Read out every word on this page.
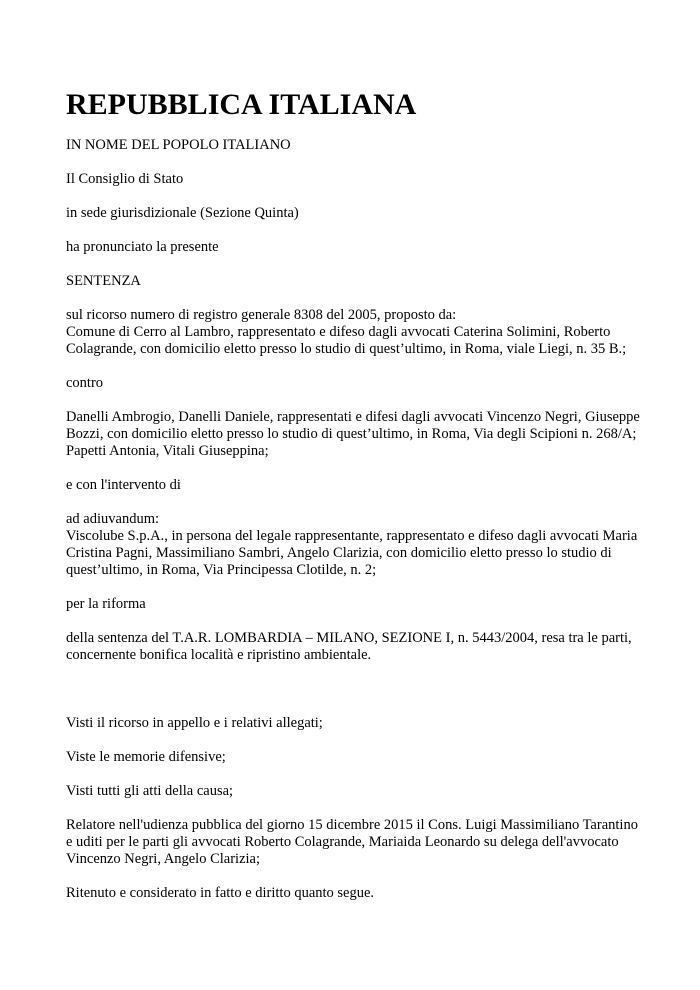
REPUBBLICA ITALIANA
IN NOME DEL POPOLO ITALIANO
Il Consiglio di Stato
in sede giurisdizionale (Sezione Quinta)
ha pronunciato la presente
SENTENZA
sul ricorso numero di registro generale 8308 del 2005, proposto da:
Comune di Cerro al Lambro, rappresentato e difeso dagli avvocati Caterina Solimini, Roberto
Colagrande, con domicilio eletto presso lo studio di quest’ultimo, in Roma, viale Liegi, n. 35 B.;
contro
Danelli Ambrogio, Danelli Daniele, rappresentati e difesi dagli avvocati Vincenzo Negri, Giuseppe
Bozzi, con domicilio eletto presso lo studio di quest’ultimo, in Roma, Via degli Scipioni n. 268/A;
Papetti Antonia, Vitali Giuseppina;
e con l'intervento di
ad adiuvandum:
Viscolube S.p.A., in persona del legale rappresentante, rappresentato e difeso dagli avvocati Maria
Cristina Pagni, Massimiliano Sambri, Angelo Clarizia, con domicilio eletto presso lo studio di
quest’ultimo, in Roma, Via Principessa Clotilde, n. 2;
per la riforma
della sentenza del T.A.R. LOMBARDIA – MILANO, SEZIONE I, n. 5443/2004, resa tra le parti,
concernente bonifica località e ripristino ambientale.
Visti il ricorso in appello e i relativi allegati;
Viste le memorie difensive;
Visti tutti gli atti della causa;
Relatore nell'udienza pubblica del giorno 15 dicembre 2015 il Cons. Luigi Massimiliano Tarantino
e uditi per le parti gli avvocati Roberto Colagrande, Mariaida Leonardo su delega dell'avvocato
Vincenzo Negri, Angelo Clarizia;
Ritenuto e considerato in fatto e diritto quanto segue.
